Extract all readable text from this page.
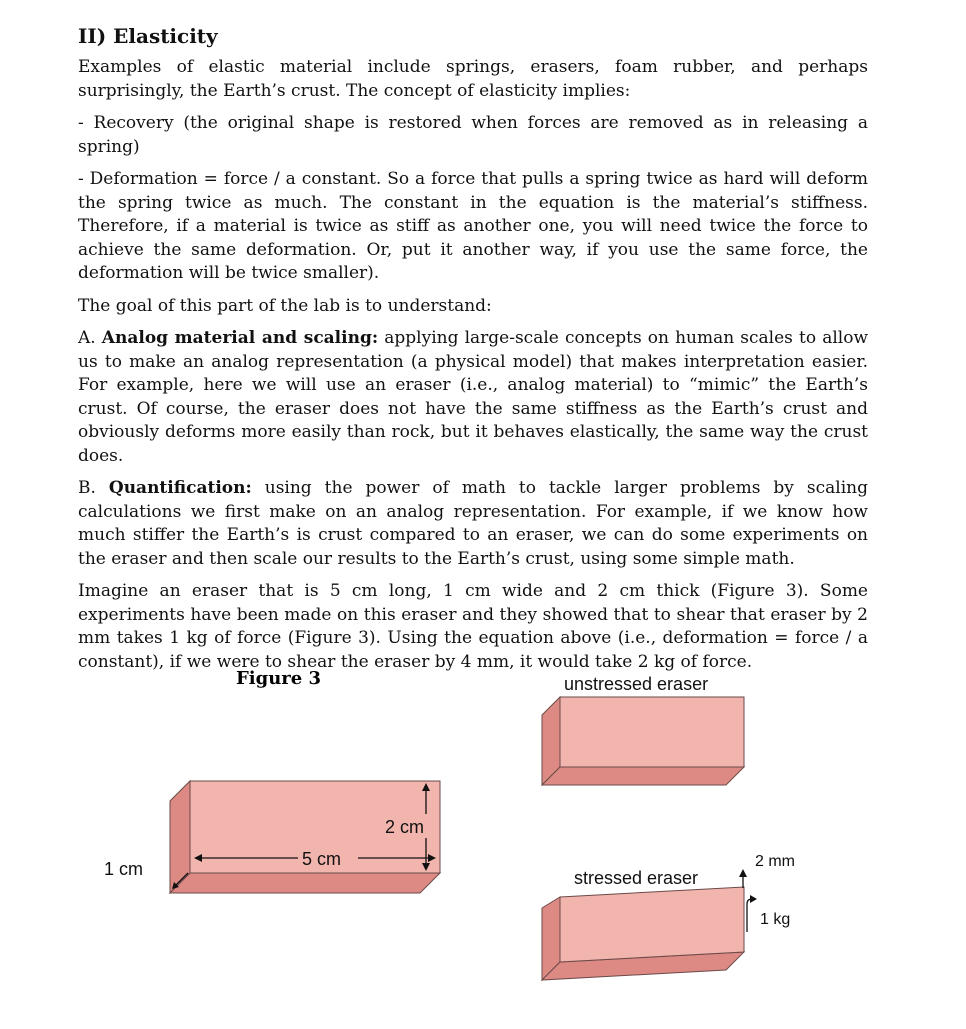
II) Elasticity

Examples of elastic material include springs, erasers, foam rubber, and perhaps surprisingly, the Earth’s crust. The concept of elasticity implies:

- Recovery (the original shape is restored when forces are removed as in releasing a spring)

- Deformation = force / a constant. So a force that pulls a spring twice as hard will deform the spring twice as much. The constant in the equation is the material’s stiffness. Therefore, if a material is twice as stiff as another one, you will need twice the force to achieve the same deformation. Or, put it another way, if you use the same force, the deformation will be twice smaller).

The goal of this part of the lab is to understand:

A. Analog material and scaling: applying large-scale concepts on human scales to allow us to make an analog representation (a physical model) that makes interpretation easier. For example, here we will use an eraser (i.e., analog material) to “mimic” the Earth’s crust. Of course, the eraser does not have the same stiffness as the Earth’s crust and obviously deforms more easily than rock, but it behaves elastically, the same way the crust does.

B. Quantification: using the power of math to tackle larger problems by scaling calculations we first make on an analog representation. For example, if we know how much stiffer the Earth’s is crust compared to an eraser, we can do some experiments on the eraser and then scale our results to the Earth’s crust, using some simple math.

Imagine an eraser that is 5 cm long, 1 cm wide and 2 cm thick (Figure 3). Some experiments have been made on this eraser and they showed that to shear that eraser by 2 mm takes 1 kg of force (Figure 3). Using the equation above (i.e., deformation = force / a constant), if we were to shear the eraser by 4 mm, it would take 2 kg of force.

Figure 3
1 cm	5 cm
2 cm
unstressed eraser
stressed eraser
2 mm
1 kg
